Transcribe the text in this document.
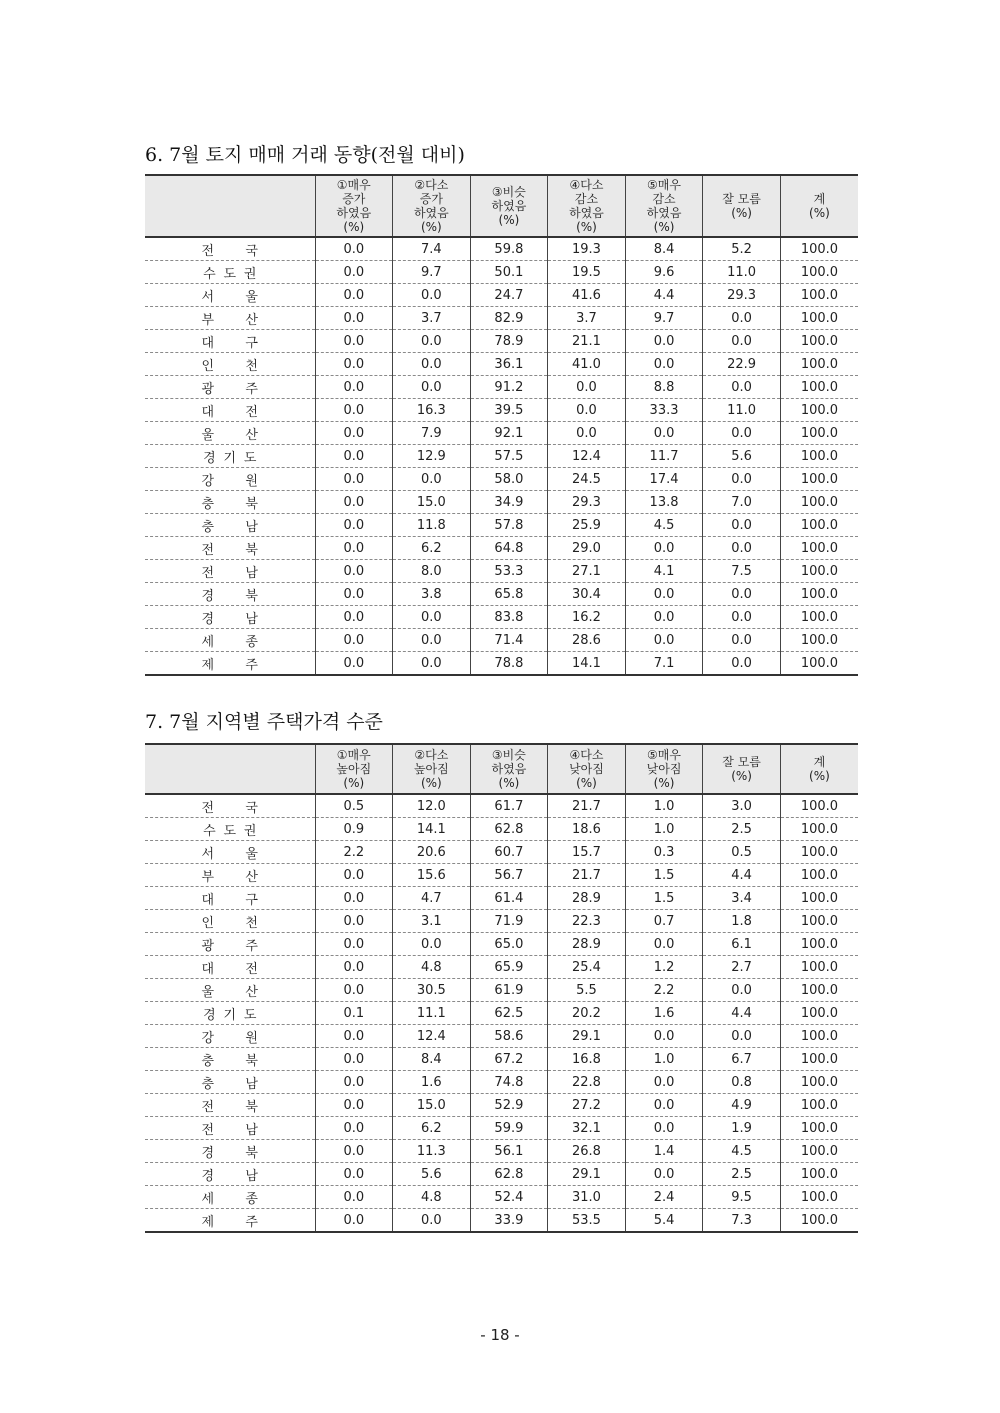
6. 7월 토지 매매 거래 동향(전월 대비)

	①매우
증가
하였음
(%)	②다소
증가
하였음
(%)	③비슷
하였음
(%)	④다소
감소
하였음
(%)	⑤매우
감소
하였음
(%)	잘 모름
(%)	계
(%)

전    국	0.0	7.4	59.8	19.3	8.4	5.2	100.0
수 도 권	0.0	9.7	50.1	19.5	9.6	11.0	100.0
서    울	0.0	0.0	24.7	41.6	4.4	29.3	100.0
부    산	0.0	3.7	82.9	3.7	9.7	0.0	100.0
대    구	0.0	0.0	78.9	21.1	0.0	0.0	100.0
인    천	0.0	0.0	36.1	41.0	0.0	22.9	100.0
광    주	0.0	0.0	91.2	0.0	8.8	0.0	100.0
대    전	0.0	16.3	39.5	0.0	33.3	11.0	100.0
울    산	0.0	7.9	92.1	0.0	0.0	0.0	100.0
경 기 도	0.0	12.9	57.5	12.4	11.7	5.6	100.0
강    원	0.0	0.0	58.0	24.5	17.4	0.0	100.0
충    북	0.0	15.0	34.9	29.3	13.8	7.0	100.0
충    남	0.0	11.8	57.8	25.9	4.5	0.0	100.0
전    북	0.0	6.2	64.8	29.0	0.0	0.0	100.0
전    남	0.0	8.0	53.3	27.1	4.1	7.5	100.0
경    북	0.0	3.8	65.8	30.4	0.0	0.0	100.0
경    남	0.0	0.0	83.8	16.2	0.0	0.0	100.0
세    종	0.0	0.0	71.4	28.6	0.0	0.0	100.0
제    주	0.0	0.0	78.8	14.1	7.1	0.0	100.0
7. 7월 지역별 주택가격 수준

	①매우
높아짐
(%)	②다소
높아짐
(%)	③비슷
하였음
(%)	④다소
낮아짐
(%)	⑤매우
낮아짐
(%)	잘 모름
(%)	계
(%)

전    국	0.5	12.0	61.7	21.7	1.0	3.0	100.0
수 도 권	0.9	14.1	62.8	18.6	1.0	2.5	100.0
서    울	2.2	20.6	60.7	15.7	0.3	0.5	100.0
부    산	0.0	15.6	56.7	21.7	1.5	4.4	100.0
대    구	0.0	4.7	61.4	28.9	1.5	3.4	100.0
인    천	0.0	3.1	71.9	22.3	0.7	1.8	100.0
광    주	0.0	0.0	65.0	28.9	0.0	6.1	100.0
대    전	0.0	4.8	65.9	25.4	1.2	2.7	100.0
울    산	0.0	30.5	61.9	5.5	2.2	0.0	100.0
경 기 도	0.1	11.1	62.5	20.2	1.6	4.4	100.0
강    원	0.0	12.4	58.6	29.1	0.0	0.0	100.0
충    북	0.0	8.4	67.2	16.8	1.0	6.7	100.0
충    남	0.0	1.6	74.8	22.8	0.0	0.8	100.0
전    북	0.0	15.0	52.9	27.2	0.0	4.9	100.0
전    남	0.0	6.2	59.9	32.1	0.0	1.9	100.0
경    북	0.0	11.3	56.1	26.8	1.4	4.5	100.0
경    남	0.0	5.6	62.8	29.1	0.0	2.5	100.0
세    종	0.0	4.8	52.4	31.0	2.4	9.5	100.0
제    주	0.0	0.0	33.9	53.5	5.4	7.3	100.0
- 18 -
